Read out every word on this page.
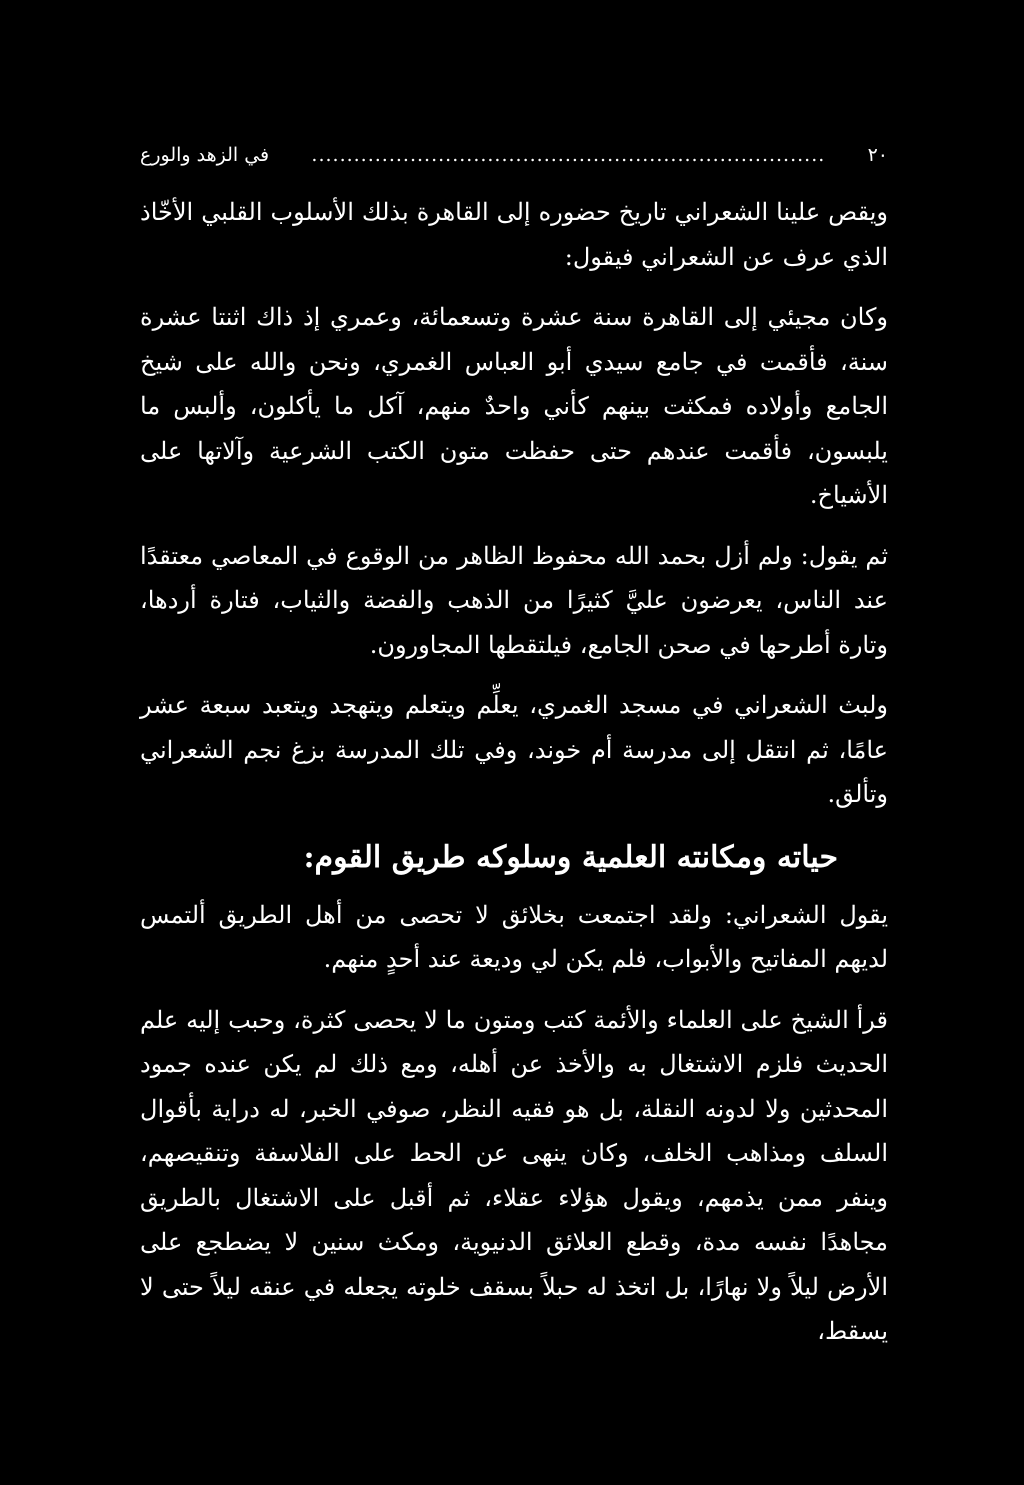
٢٠
.........................................................................
في الزهد والورع

ويقص علينا الشعراني تاريخ حضوره إلى القاهرة بذلك الأسلوب القلبي الأخّاذ الذي عرف عن الشعراني فيقول:

وكان مجيئي إلى القاهرة سنة عشرة وتسعمائة، وعمري إذ ذاك اثنتا عشرة سنة، فأقمت في جامع سيدي أبو العباس الغمري، ونحن والله على شيخ الجامع وأولاده فمكثت بينهم كأني واحدٌ منهم، آكل ما يأكلون، وألبس ما يلبسون، فأقمت عندهم حتى حفظت متون الكتب الشرعية وآلاتها على الأشياخ.

ثم يقول: ولم أزل بحمد الله محفوظ الظاهر من الوقوع في المعاصي معتقدًا عند الناس، يعرضون عليَّ كثيرًا من الذهب والفضة والثياب، فتارة أردها، وتارة أطرحها في صحن الجامع، فيلتقطها المجاورون.

ولبث الشعراني في مسجد الغمري، يعلِّم ويتعلم ويتهجد ويتعبد سبعة عشر عامًا، ثم انتقل إلى مدرسة أم خوند، وفي تلك المدرسة بزغ نجم الشعراني وتألق.

حياته ومكانته العلمية وسلوكه طريق القوم:

يقول الشعراني: ولقد اجتمعت بخلائق لا تحصى من أهل الطريق ألتمس لديهم المفاتيح والأبواب، فلم يكن لي وديعة عند أحدٍ منهم.

قرأ الشيخ على العلماء والأئمة كتب ومتون ما لا يحصى كثرة، وحبب إليه علم الحديث فلزم الاشتغال به والأخذ عن أهله، ومع ذلك لم يكن عنده جمود المحدثين ولا لدونه النقلة، بل هو فقيه النظر، صوفي الخبر، له دراية بأقوال السلف ومذاهب الخلف، وكان ينهى عن الحط على الفلاسفة وتنقيصهم، وينفر ممن يذمهم، ويقول هؤلاء عقلاء، ثم أقبل على الاشتغال بالطريق مجاهدًا نفسه مدة، وقطع العلائق الدنيوية، ومكث سنين لا يضطجع على الأرض ليلاً ولا نهارًا، بل اتخذ له حبلاً بسقف خلوته يجعله في عنقه ليلاً حتى لا يسقط،
